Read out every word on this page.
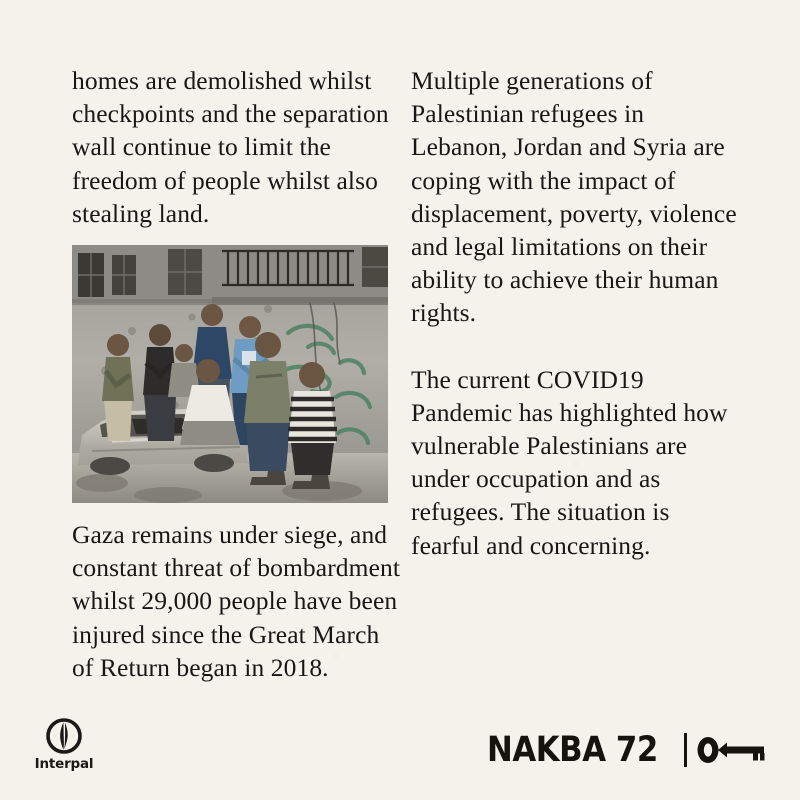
homes are demolished whilst checkpoints and the separation wall continue to limit the freedom of people whilst also stealing land.

Gaza remains under siege, and constant threat of bombardment whilst 29,000 people have been injured since the Great March of Return began in 2018.

Multiple generations of Palestinian refugees in Lebanon, Jordan and Syria are coping with the impact of displacement, poverty, violence and legal limitations on their ability to achieve their human rights.

The current COVID19 Pandemic has highlighted how vulnerable Palestinians are under occupation and as refugees. The situation is fearful and concerning.

Interpal	NAKBA 72
